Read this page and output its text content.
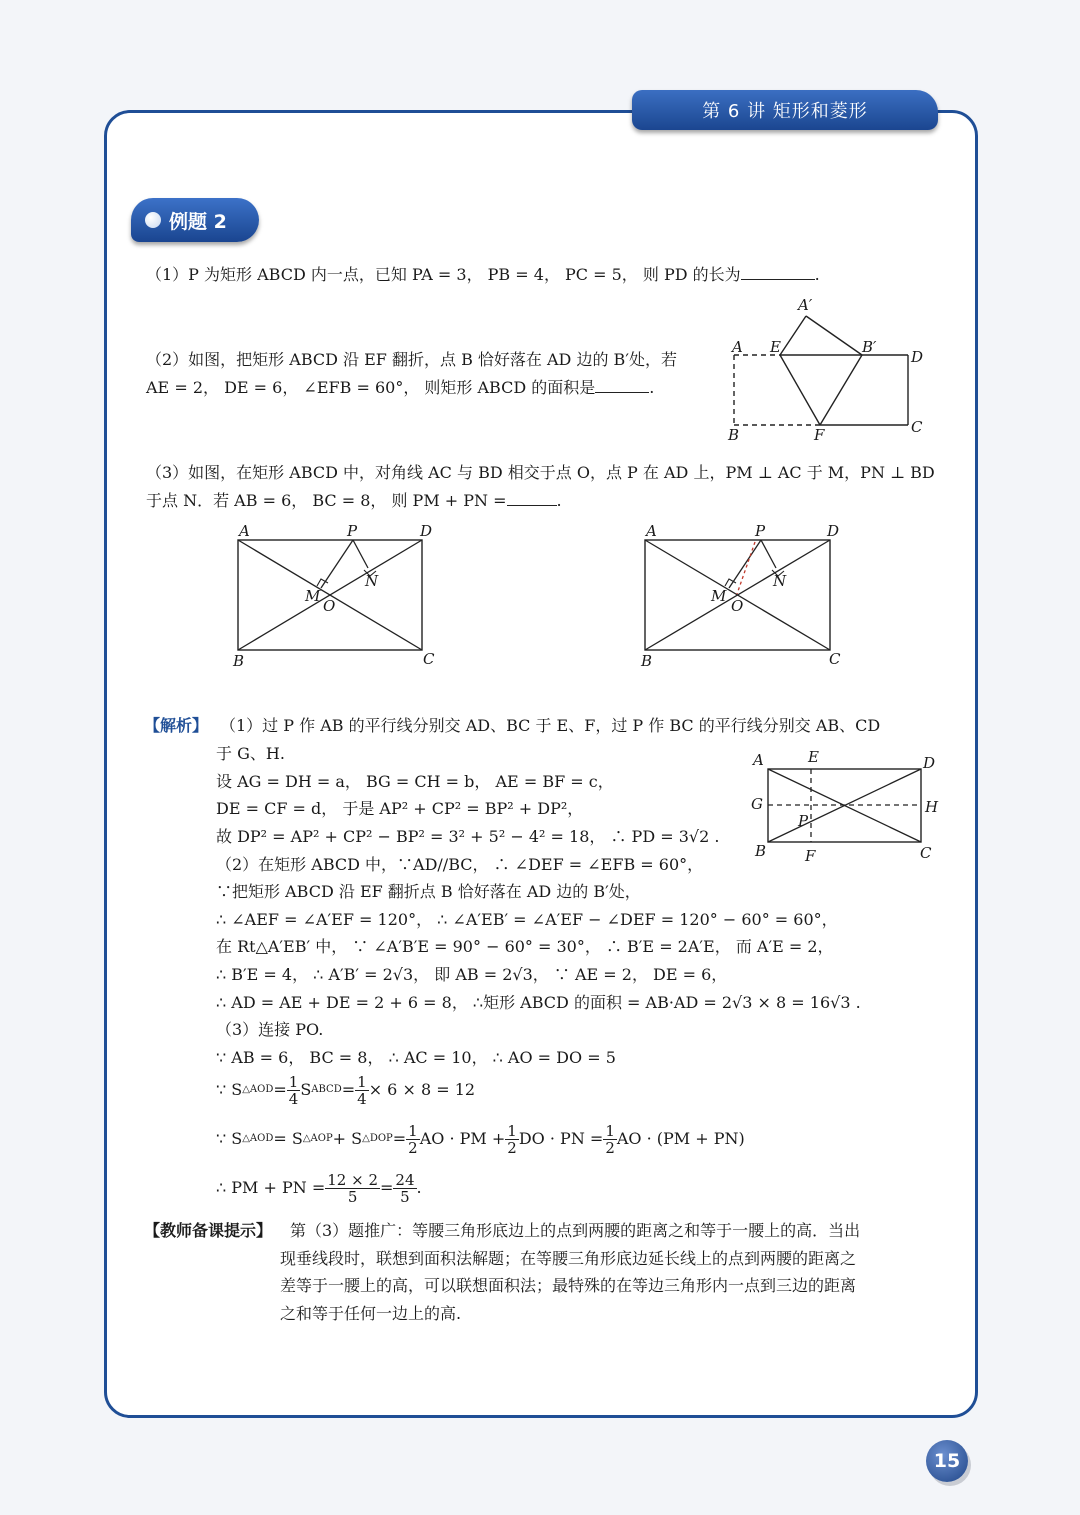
第 6 讲 矩形和菱形
例题 2
（1）P 为矩形 ABCD 内一点，已知 PA = 3， PB = 4， PC = 5， 则 PD 的长为	.
（2）如图，把矩形 ABCD 沿 EF 翻折，点 B 恰好落在 AD 边的 B′处，若
AE = 2， DE = 6， ∠EFB = 60°， 则矩形 ABCD 的面积是	.
A′
A E	B′
D
B	F	C
（3）如图，在矩形 ABCD 中，对角线 AC 与 BD 相交于点 O，点 P 在 AD 上，PM ⊥ AC 于 M，PN ⊥ BD
于点 N．若 AB = 6， BC = 8， 则 PM + PN =	.
A	P	D
M
O
N
B	C
A	P	D
M
O
N
B	C
【解析】 （1）过 P 作 AB 的平行线分别交 AD、BC 于 E、F，过 P 作 BC 的平行线分别交 AB、CD
于 G、H.
设 AG = DH = a， BG = CH = b， AE = BF = c，
DE = CF = d， 于是 AP² + CP² = BP² + DP²，
故 DP² = AP² + CP² − BP² = 3² + 5² − 4² = 18， ∴ PD = 3√2 .
A	E	D
G	H
P
B	F	C
（2）在矩形 ABCD 中，∵AD//BC， ∴ ∠DEF = ∠EFB = 60°，
∵把矩形 ABCD 沿 EF 翻折点 B 恰好落在 AD 边的 B′处，
∴ ∠AEF = ∠A′EF = 120°， ∴ ∠A′EB′ = ∠A′EF − ∠DEF = 120° − 60° = 60°，
在 Rt△A′EB′ 中， ∵ ∠A′B′E = 90° − 60° = 30°， ∴ B′E = 2A′E， 而 A′E = 2，
∴ B′E = 4， ∴ A′B′ = 2√3， 即 AB = 2√3， ∵ AE = 2， DE = 6，
∴ AD = AE + DE = 2 + 6 = 8， ∴矩形 ABCD 的面积 = AB·AD = 2√3 × 8 = 16√3 .
（3）连接 PO.
∵ AB = 6， BC = 8， ∴ AC = 10， ∴ AO = DO = 5
∵ S △AOD = $\frac{1}{4}$ S ABCD = $\frac{1}{4} \times 6 \times 8 = 12$
∵ S △AOD = S △AOP + S △DOP = $\frac{1}{2}$ AO · PM + $\frac{1}{2}$ DO · PN = $\frac{1}{2}$ AO · (PM + PN)
∴ PM + PN = $\frac{12 \times 2}{5} = \frac{24}{5}$ .
【教师备课提示】 第（3）题推广：等腰三角形底边上的点到两腰的距离之和等于一腰上的高．当出
现垂线段时，联想到面积法解题；在等腰三角形底边延长线上的点到两腰的距离之
差等于一腰上的高，可以联想面积法；最特殊的在等边三角形内一点到三边的距离
之和等于任何一边上的高.
15
